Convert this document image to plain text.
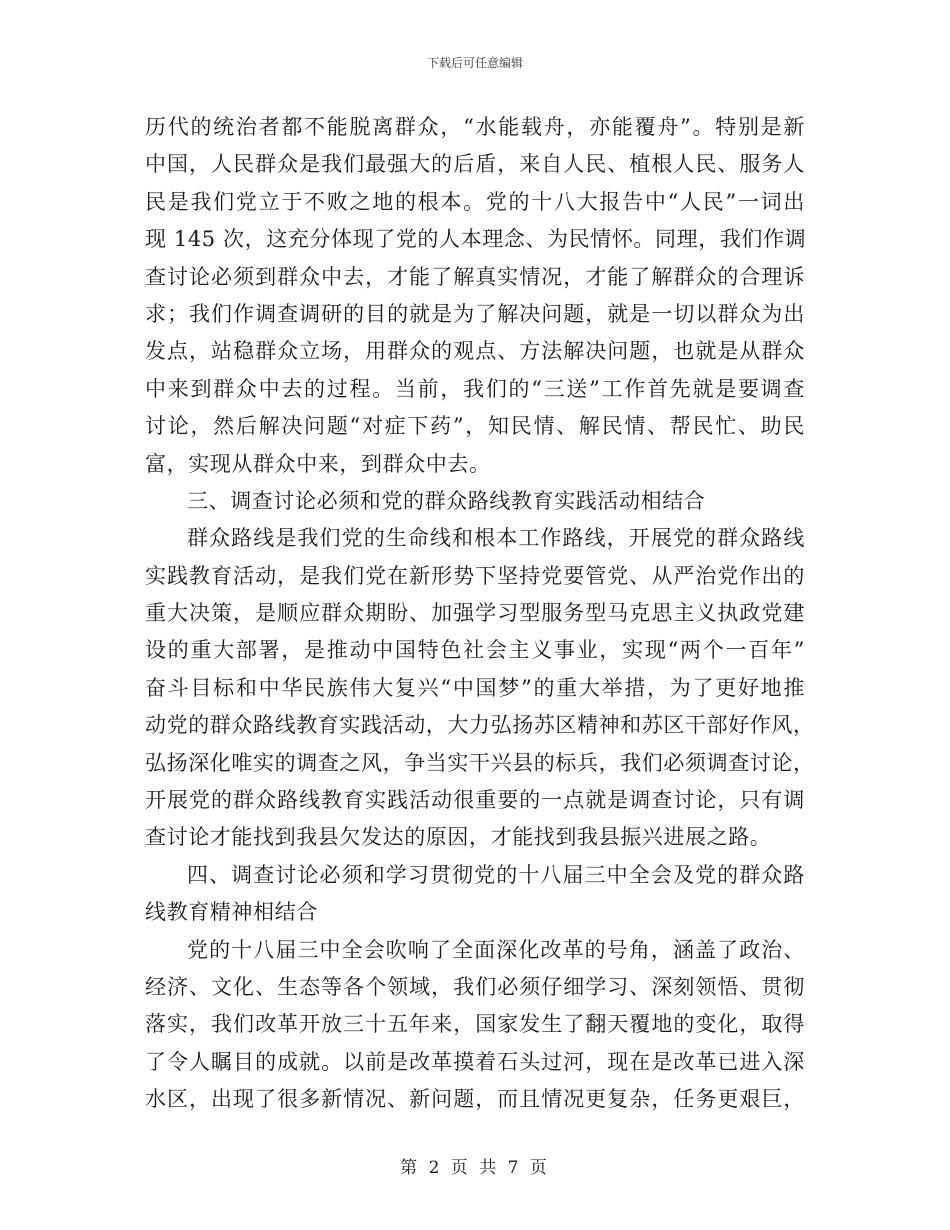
下载后可任意编辑
历代的统治者都不能脱离群众，“水能载舟，亦能覆舟”。特别是新
中国，人民群众是我们最强大的后盾，来自人民、植根人民、服务人
民是我们党立于不败之地的根本。党的十八大报告中“人民”一词出
现 145 次，这充分体现了党的人本理念、为民情怀。同理，我们作调
查讨论必须到群众中去，才能了解真实情况，才能了解群众的合理诉
求；我们作调查调研的目的就是为了解决问题，就是一切以群众为出
发点，站稳群众立场，用群众的观点、方法解决问题，也就是从群众
中来到群众中去的过程。当前，我们的“三送”工作首先就是要调查
讨论，然后解决问题“对症下药”，知民情、解民情、帮民忙、助民
富，实现从群众中来，到群众中去。
三、调查讨论必须和党的群众路线教育实践活动相结合
群众路线是我们党的生命线和根本工作路线，开展党的群众路线
实践教育活动，是我们党在新形势下坚持党要管党、从严治党作出的
重大决策，是顺应群众期盼、加强学习型服务型马克思主义执政党建
设的重大部署，是推动中国特色社会主义事业，实现“两个一百年”
奋斗目标和中华民族伟大复兴“中国梦”的重大举措，为了更好地推
动党的群众路线教育实践活动，大力弘扬苏区精神和苏区干部好作风，
弘扬深化唯实的调查之风，争当实干兴县的标兵，我们必须调查讨论，
开展党的群众路线教育实践活动很重要的一点就是调查讨论，只有调
查讨论才能找到我县欠发达的原因，才能找到我县振兴进展之路。
四、调查讨论必须和学习贯彻党的十八届三中全会及党的群众路
线教育精神相结合
党的十八届三中全会吹响了全面深化改革的号角，涵盖了政治、
经济、文化、生态等各个领域，我们必须仔细学习、深刻领悟、贯彻
落实，我们改革开放三十五年来，国家发生了翻天覆地的变化，取得
了令人瞩目的成就。以前是改革摸着石头过河，现在是改革已进入深
水区，出现了很多新情况、新问题，而且情况更复杂，任务更艰巨，
第 2 页 共 7 页
